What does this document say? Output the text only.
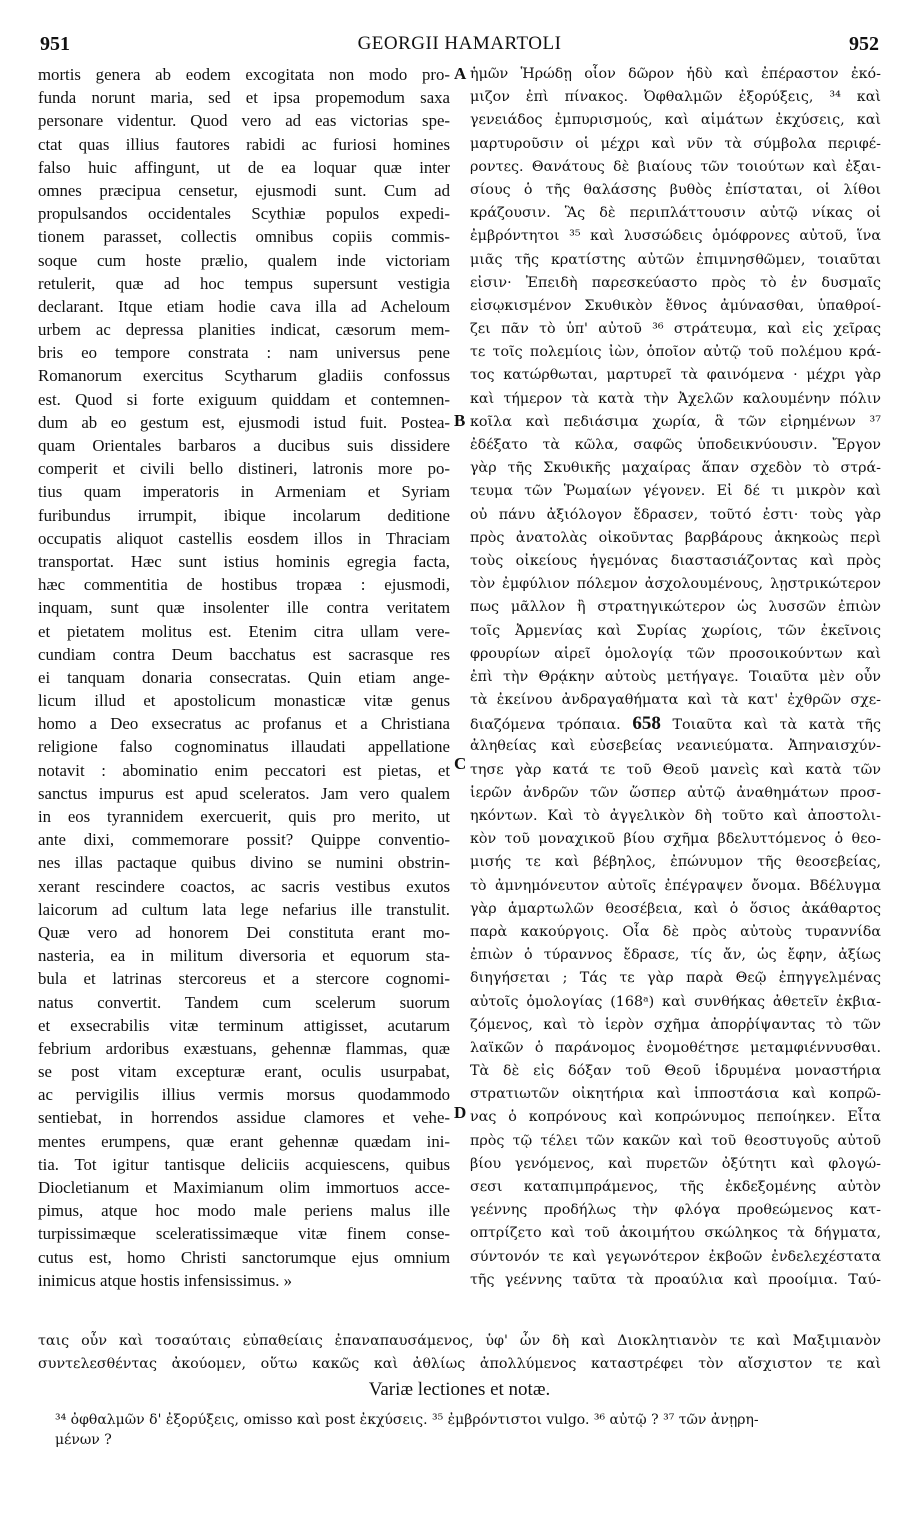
951	GEORGII HAMARTOLI	952
mortis genera ab eodem excogitata non modo pro-
funda norunt maria, sed et ipsa propemodum saxa
personare videntur. Quod vero ad eas victorias spe-
ctat quas illius fautores rabidi ac furiosi homines
falso huic affingunt, ut de ea loquar quæ inter
omnes præcipua censetur, ejusmodi sunt. Cum ad
propulsandos occidentales Scythiæ populos expedi-
tionem parasset, collectis omnibus copiis commis-
soque cum hoste prælio, qualem inde victoriam
retulerit, quæ ad hoc tempus supersunt vestigia
declarant. Itque etiam hodie cava illa ad Acheloum
urbem ac depressa planities indicat, cæsorum mem-
bris eo tempore constrata : nam universus pene
Romanorum exercitus Scytharum gladiis confossus
est. Quod si forte exiguum quiddam et contemnen-
dum ab eo gestum est, ejusmodi istud fuit. Postea-
quam Orientales barbaros a ducibus suis dissidere
comperit et civili bello distineri, latronis more po-
tius quam imperatoris in Armeniam et Syriam
furibundus irrumpit, ibique incolarum deditione
occupatis aliquot castellis eosdem illos in Thraciam
transportat. Hæc sunt istius hominis egregia facta,
hæc commentitia de hostibus tropæa : ejusmodi,
inquam, sunt quæ insolenter ille contra veritatem
et pietatem molitus est. Etenim citra ullam vere-
cundiam contra Deum bacchatus est sacrasque res
ei tanquam donaria consecratas. Quin etiam ange-
licum illud et apostolicum monasticæ vitæ genus
homo a Deo exsecratus ac profanus et a Christiana
religione falso cognominatus illaudati appellatione
notavit : abominatio enim peccatori est pietas, et
sanctus impurus est apud sceleratos. Jam vero qualem
in eos tyrannidem exercuerit, quis pro merito, ut
ante dixi, commemorare possit? Quippe conventio-
nes illas pactaque quibus divino se numini obstrin-
xerant rescindere coactos, ac sacris vestibus exutos
laicorum ad cultum lata lege nefarius ille transtulit.
Quæ vero ad honorem Dei constituta erant mo-
nasteria, ea in militum diversoria et equorum sta-
bula et latrinas stercoreus et a stercore cognomi-
natus convertit. Tandem cum scelerum suorum
et exsecrabilis vitæ terminum attigisset, acutarum
febrium ardoribus exæstuans, gehennæ flammas, quæ
se post vitam excepturæ erant, oculis usurpabat,
ac pervigilis illius vermis morsus quodammodo
sentiebat, in horrendos assidue clamores et vehe-
mentes erumpens, quæ erant gehennæ quædam ini-
tia. Tot igitur tantisque deliciis acquiescens, quibus
Diocletianum et Maximianum olim immortuos acce-
pimus, atque hoc modo male periens malus ille
turpissimæque sceleratissimæque vitæ finem conse-
cutus est, homo Christi sanctorumque ejus omnium
inimicus atque hostis infensissimus. »
A
B
C
D
ἡμῶν Ἡρώδῃ οἷον δῶρον ἡδὺ καὶ ἐπέραστον ἐκό-
μιζον ἐπὶ πίνακος. Ὀφθαλμῶν ἐξορύξεις, ³⁴ καὶ
γενειάδος ἐμπυρισμούς, καὶ αἱμάτων ἐκχύσεις, καὶ
μαρτυροῦσιν οἱ μέχρι καὶ νῦν τὰ σύμβολα περιφέ-
ροντες. Θανάτους δὲ βιαίους τῶν τοιούτων καὶ ἐξαι-
σίους ὁ τῆς θαλάσσης βυθὸς ἐπίσταται, οἱ λίθοι
κράζουσιν. Ἃς δὲ περιπλάττουσιν αὐτῷ νίκας οἱ
ἐμβρόντητοι ³⁵ καὶ λυσσώδεις ὁμόφρονες αὐτοῦ, ἵνα
μιᾶς τῆς κρατίστης αὐτῶν ἐπιμνησθῶμεν, τοιαῦται
εἰσιν· Ἐπειδὴ παρεσκεύαστο πρὸς τὸ ἐν δυσμαῖς
εἰσῳκισμένον Σκυθικὸν ἔθνος ἀμύνασθαι, ὑπαθροί-
ζει πᾶν τὸ ὑπ' αὐτοῦ ³⁶ στράτευμα, καὶ εἰς χεῖρας
τε τοῖς πολεμίοις ἰὼν, ὁποῖον αὐτῷ τοῦ πολέμου κρά-
τος κατώρθωται, μαρτυρεῖ τὰ φαινόμενα · μέχρι γὰρ
καὶ τήμερον τὰ κατὰ τὴν Ἀχελῶν καλουμένην πόλιν
κοῖλα καὶ πεδιάσιμα χωρία, ἃ τῶν εἰρημένων ³⁷
ἐδέξατο τὰ κῶλα, σαφῶς ὑποδεικνύουσιν. Ἔργον
γὰρ τῆς Σκυθικῆς μαχαίρας ἅπαν σχεδὸν τὸ στρά-
τευμα τῶν Ῥωμαίων γέγονεν. Εἰ δέ τι μικρὸν καὶ
οὐ πάνυ ἀξιόλογον ἔδρασεν, τοῦτό ἐστι· τοὺς γὰρ
πρὸς ἀνατολὰς οἰκοῦντας βαρβάρους ἀκηκοὼς περὶ
τοὺς οἰκείους ἡγεμόνας διαστασιάζοντας καὶ πρὸς
τὸν ἐμφύλιον πόλεμον ἀσχολουμένους, λῃστρικώτερον
πως μᾶλλον ἢ στρατηγικώτερον ὡς λυσσῶν ἐπιὼν
τοῖς Ἀρμενίας καὶ Συρίας χωρίοις, τῶν ἐκεῖνοις
φρουρίων αἱρεῖ ὁμολογίᾳ τῶν προσοικούντων καὶ
ἐπὶ τὴν Θρᾴκην αὐτοὺς μετήγαγε. Τοιαῦτα μὲν οὖν
τὰ ἐκείνου ἀνδραγαθήματα καὶ τὰ κατ' ἐχθρῶν σχε-
διαζόμενα τρόπαια. 658 Τοιαῦτα καὶ τὰ κατὰ τῆς
ἀληθείας καὶ εὐσεβείας νεανιεύματα. Ἀπηναισχύν-
τησε γὰρ κατά τε τοῦ Θεοῦ μανεὶς καὶ κατὰ τῶν
ἱερῶν ἀνδρῶν τῶν ὥσπερ αὐτῷ ἀναθημάτων προσ-
ηκόντων. Καὶ τὸ ἀγγελικὸν δὴ τοῦτο καὶ ἀποστολι-
κὸν τοῦ μοναχικοῦ βίου σχῆμα βδελυττόμενος ὁ θεο-
μισής τε καὶ βέβηλος, ἐπώνυμον τῆς θεοσεβείας,
τὸ ἀμνημόνευτον αὐτοῖς ἐπέγραψεν ὄνομα. Βδέλυγμα
γὰρ ἁμαρτωλῶν θεοσέβεια, καὶ ὁ ὅσιος ἀκάθαρτος
παρὰ κακούργοις. Οἷα δὲ πρὸς αὐτοὺς τυραννίδα
ἐπιὼν ὁ τύραννος ἔδρασε, τίς ἄν, ὡς ἔφην, ἀξίως
διηγήσεται ; Τάς τε γὰρ παρὰ Θεῷ ἐπηγγελμένας
αὐτοῖς ὁμολογίας (168ᵃ) καὶ συνθήκας ἀθετεῖν ἐκβια-
ζόμενος, καὶ τὸ ἱερὸν σχῆμα ἀπορῥίψαντας τὸ τῶν
λαϊκῶν ὁ παράνομος ἐνομοθέτησε μεταμφιέννυσθαι.
Τὰ δὲ εἰς δόξαν τοῦ Θεοῦ ἱδρυμένα μοναστήρια
στρατιωτῶν οἰκητήρια καὶ ἱπποστάσια καὶ κοπρῶ-
νας ὁ κοπρόνους καὶ κοπρώνυμος πεποίηκεν. Εἶτα
πρὸς τῷ τέλει τῶν κακῶν καὶ τοῦ θεοστυγοῦς αὐτοῦ
βίου γενόμενος, καὶ πυρετῶν ὀξύτητι καὶ φλογώ-
σεσι καταπιμπράμενος, τῆς ἐκδεξομένης αὐτὸν
γεέννης προδήλως τὴν φλόγα προθεώμενος κατ-
οπτρίζετο καὶ τοῦ ἀκοιμήτου σκώληκος τὰ δήγματα,
σύντονόν τε καὶ γεγωνότερον ἐκβοῶν ἐνδελεχέστατα
τῆς γεέννης ταῦτα τὰ προαύλια καὶ προοίμια. Ταύ-
ταις οὖν καὶ τοσαύταις εὐπαθείαις ἐπαναπαυσάμενος, ὑφ' ὧν δὴ καὶ Διοκλητιανὸν τε καὶ Μαξιμιανὸν
συντελεσθέντας ἀκούομεν, οὕτω κακῶς καὶ ἀθλίως ἀπολλύμενος καταστρέφει τὸν αἴσχιστον τε καὶ
Variæ lectiones et notæ.
³⁴ ὀφθαλμῶν δ' ἐξορύξεις, omisso καὶ post ἐκχύσεις. ³⁵ ἐμβρόντιστοι vulgo. ³⁶ αὐτῷ ? ³⁷ τῶν ἀνῃρη-
μένων ?
